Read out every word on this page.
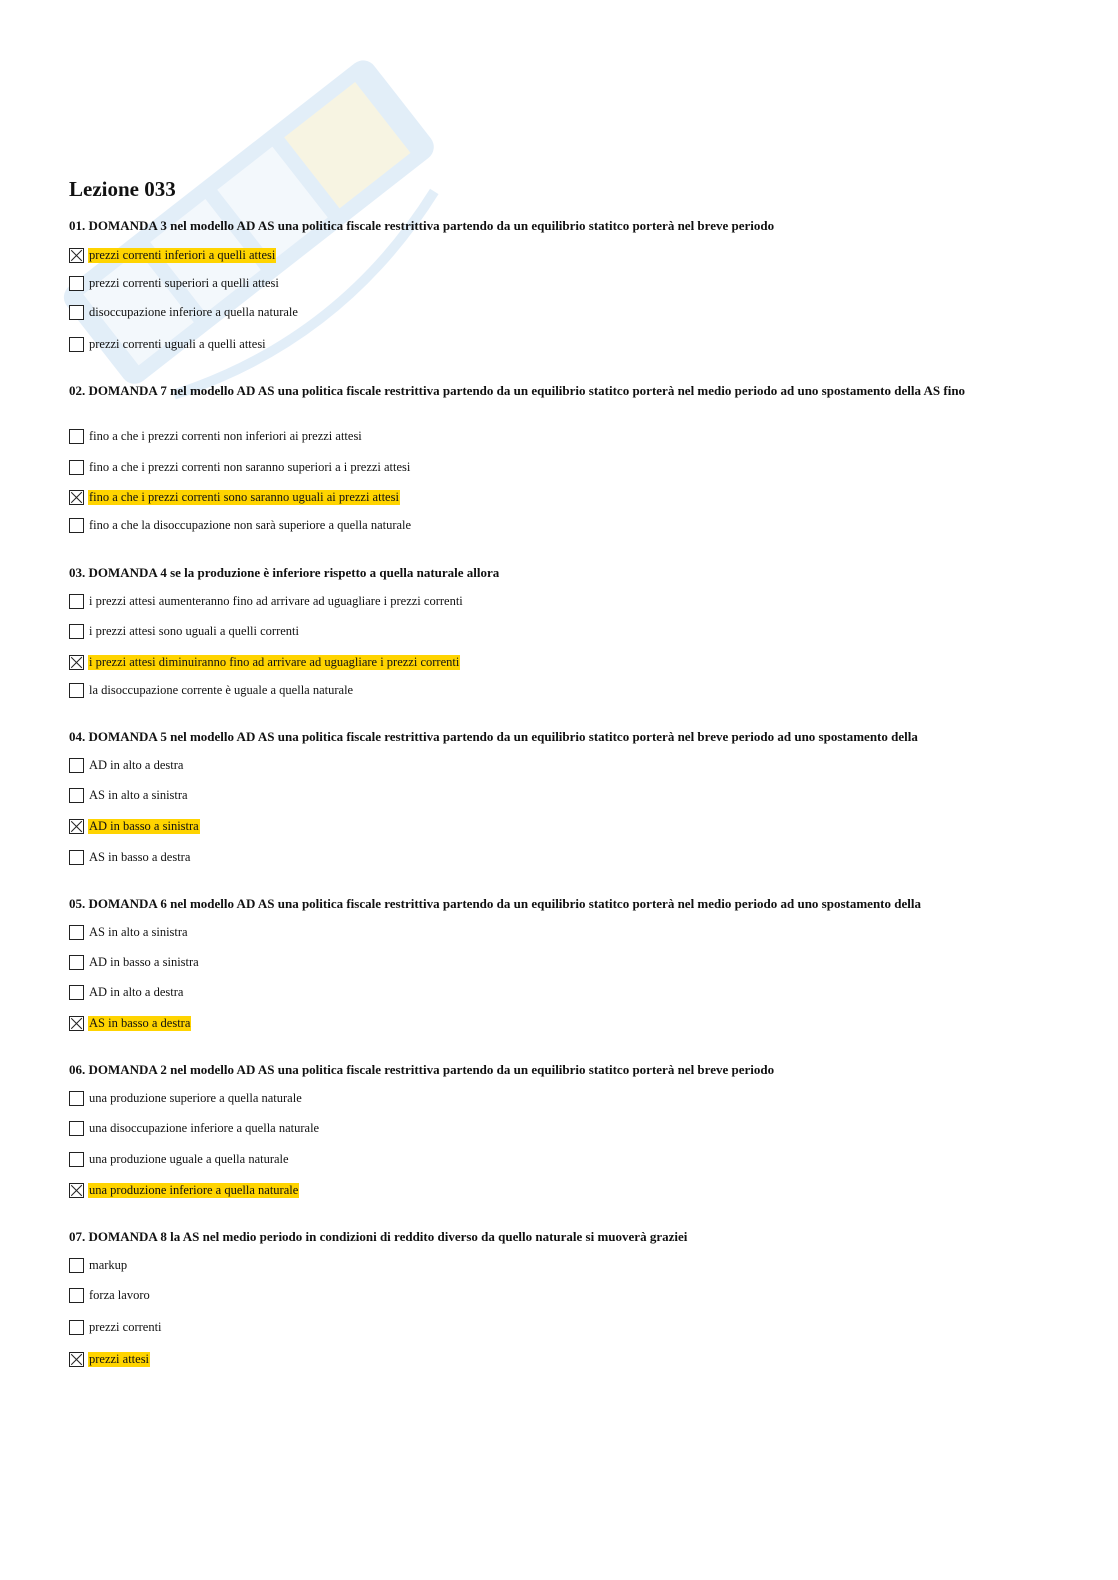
Lezione 033
01. DOMANDA 3 nel modello AD AS una politica fiscale restrittiva partendo da un equilibrio statitco porterà nel breve periodo
prezzi correnti inferiori a quelli attesi
prezzi correnti superiori a quelli attesi
disoccupazione inferiore a quella naturale
prezzi correnti uguali a quelli attesi
02. DOMANDA 7 nel modello AD AS una politica fiscale restrittiva partendo da un equilibrio statitco porterà nel medio periodo ad uno spostamento della AS fino
fino a che i prezzi correnti non inferiori ai prezzi attesi
fino a che i prezzi correnti non saranno superiori a i prezzi attesi
fino a che i prezzi correnti sono saranno uguali ai prezzi attesi
fino a che la disoccupazione non sarà superiore a quella naturale
03. DOMANDA 4 se la produzione è inferiore rispetto a quella naturale allora
i prezzi attesi aumenteranno fino ad arrivare ad uguagliare i prezzi correnti
i prezzi attesi sono uguali a quelli correnti
i prezzi attesi diminuiranno fino ad arrivare ad uguagliare i prezzi correnti
la disoccupazione corrente è uguale a quella naturale
04. DOMANDA 5 nel modello AD AS una politica fiscale restrittiva partendo da un equilibrio statitco porterà nel breve periodo ad uno spostamento della
AD in alto a destra
AS in alto a sinistra
AD in basso a sinistra
AS in basso a destra
05. DOMANDA 6 nel modello AD AS una politica fiscale restrittiva partendo da un equilibrio statitco porterà nel medio periodo ad uno spostamento della
AS in alto a sinistra
AD in basso a sinistra
AD in alto a destra
AS in basso a destra
06. DOMANDA 2 nel modello AD AS una politica fiscale restrittiva partendo da un equilibrio statitco porterà nel breve periodo
una produzione superiore a quella naturale
una disoccupazione inferiore a quella naturale
una produzione uguale a quella naturale
una produzione inferiore a quella naturale
07. DOMANDA 8 la AS nel medio periodo in condizioni di reddito diverso da quello naturale si muoverà graziei
markup
forza lavoro
prezzi correnti
prezzi attesi
